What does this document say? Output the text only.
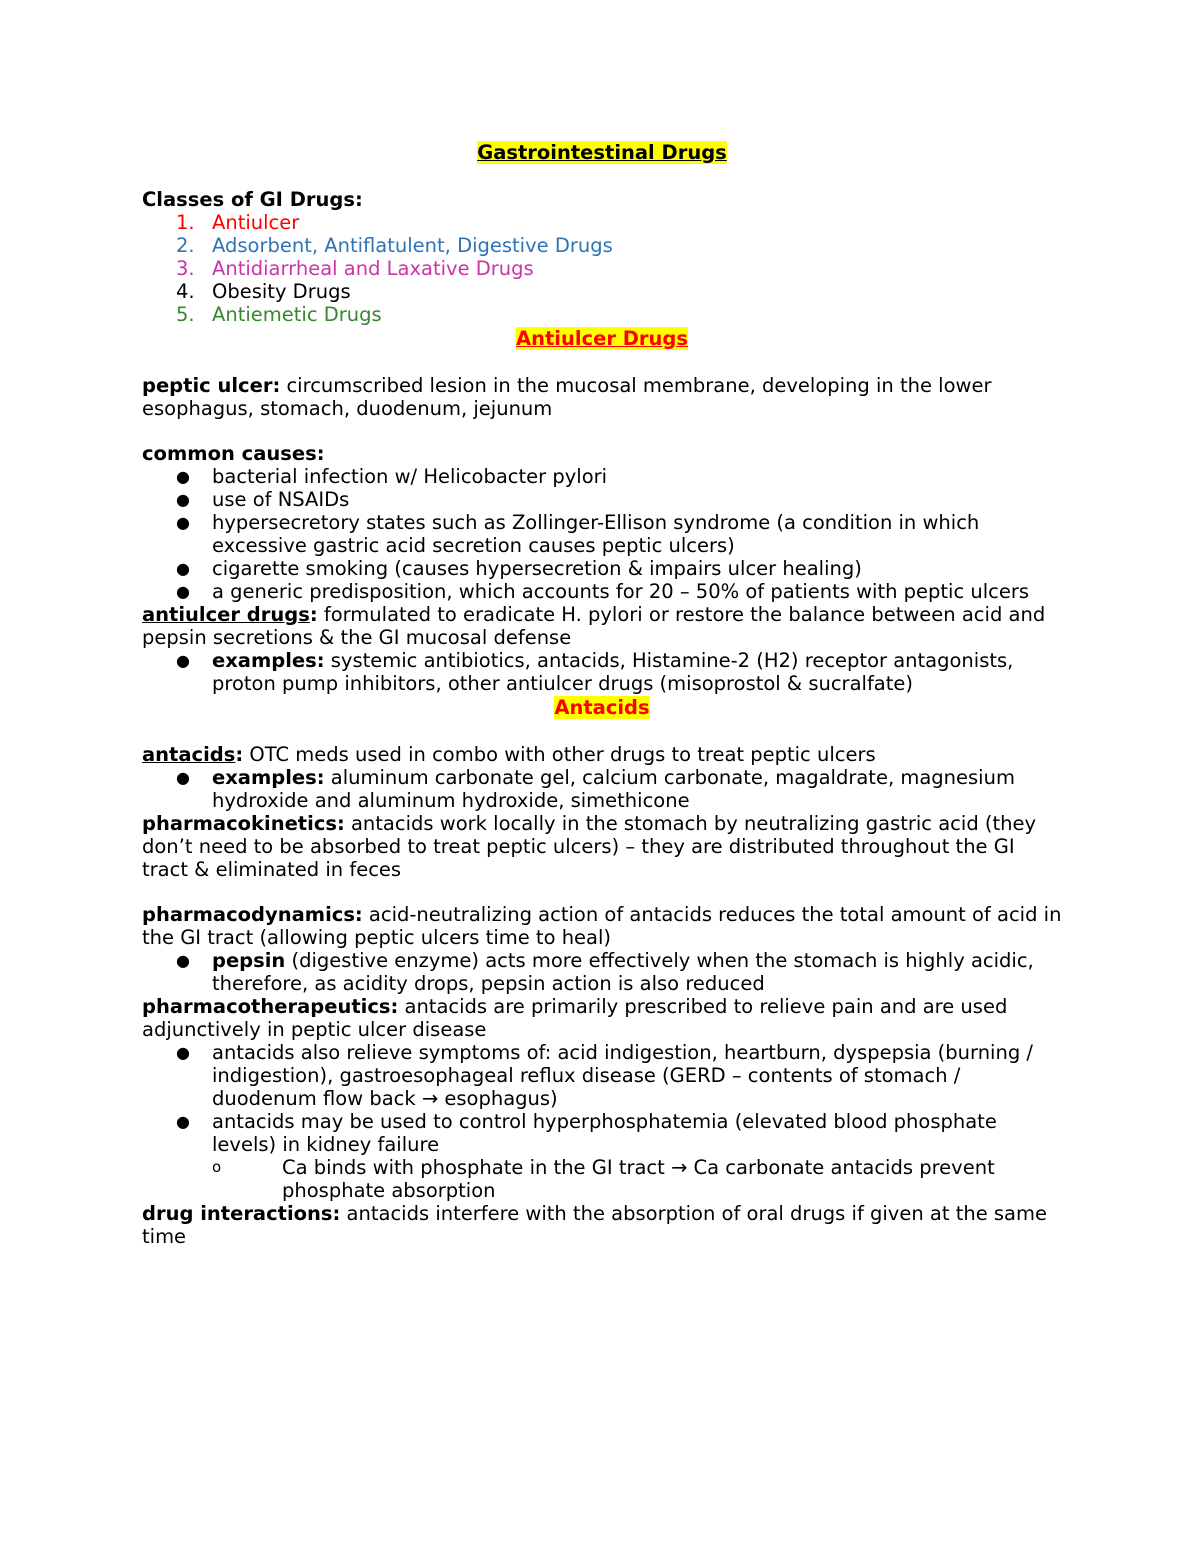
Gastrointestinal Drugs

Classes of GI Drugs:

1. Antiulcer
2. Adsorbent, Antiflatulent, Digestive Drugs
3. Antidiarrheal and Laxative Drugs
4. Obesity Drugs
5. Antiemetic Drugs

Antiulcer Drugs

peptic ulcer: circumscribed lesion in the mucosal membrane, developing in the lower esophagus, stomach, duodenum, jejunum

common causes:

●	bacterial infection w/ Helicobacter pylori
●	use of NSAIDs
●	hypersecretory states such as Zollinger-Ellison syndrome (a condition in which excessive gastric acid secretion causes peptic ulcers)
●	cigarette smoking (causes hypersecretion & impairs ulcer healing)
●	a generic predisposition, which accounts for 20 – 50% of patients with peptic ulcers

antiulcer drugs: formulated to eradicate H. pylori or restore the balance between acid and pepsin secretions & the GI mucosal defense

●	examples: systemic antibiotics, antacids, Histamine-2 (H2) receptor antagonists, proton pump inhibitors, other antiulcer drugs (misoprostol & sucralfate)

Antacids

antacids: OTC meds used in combo with other drugs to treat peptic ulcers

●	examples: aluminum carbonate gel, calcium carbonate, magaldrate, magnesium hydroxide and aluminum hydroxide, simethicone

pharmacokinetics: antacids work locally in the stomach by neutralizing gastric acid (they don’t need to be absorbed to treat peptic ulcers) – they are distributed throughout the GI tract & eliminated in feces

pharmacodynamics: acid-neutralizing action of antacids reduces the total amount of acid in the GI tract (allowing peptic ulcers time to heal)

●	pepsin (digestive enzyme) acts more effectively when the stomach is highly acidic, therefore, as acidity drops, pepsin action is also reduced

pharmacotherapeutics: antacids are primarily prescribed to relieve pain and are used adjunctively in peptic ulcer disease

●	antacids also relieve symptoms of: acid indigestion, heartburn, dyspepsia (burning / indigestion), gastroesophageal reflux disease (GERD – contents of stomach / duodenum flow back → esophagus)
●	antacids may be used to control hyperphosphatemia (elevated blood phosphate levels) in kidney failure
o	Ca binds with phosphate in the GI tract → Ca carbonate antacids prevent phosphate absorption

drug interactions: antacids interfere with the absorption of oral drugs if given at the same time
